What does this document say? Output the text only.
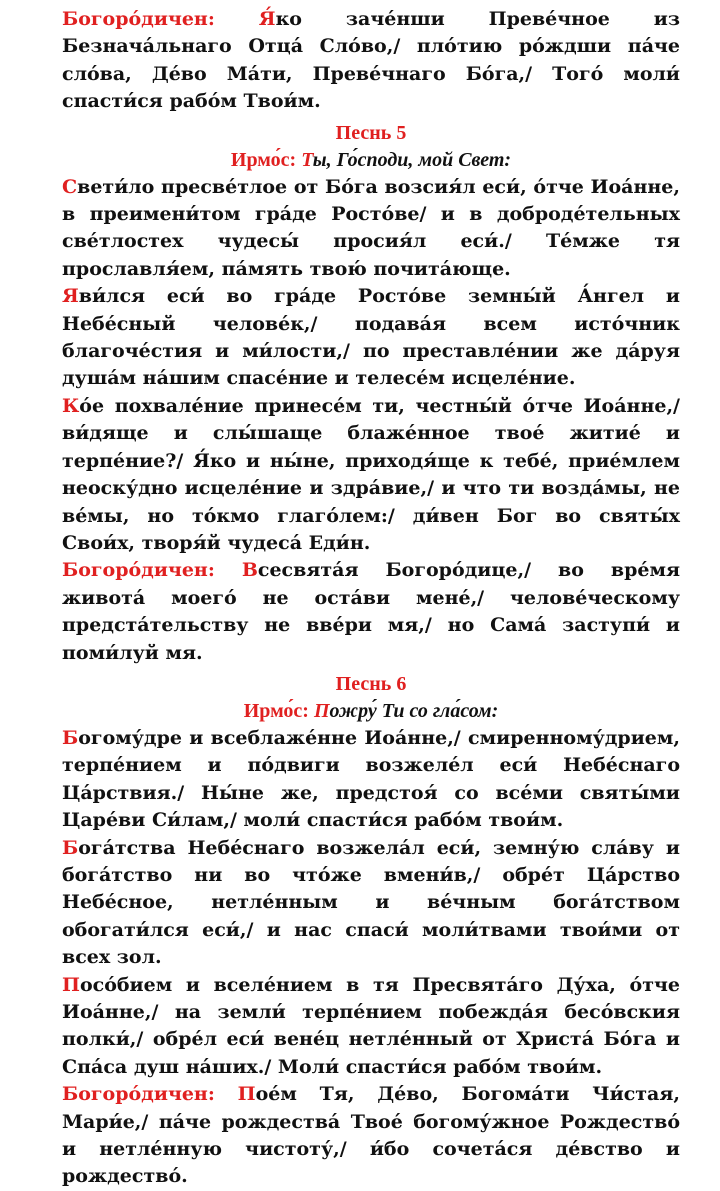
Богоро́дичен: Я́ко заче́нши Преве́чное из Безнача́льнаго Отца́ Сло́во,/ пло́тию ро́ждши па́че сло́ва, Де́во Ма́ти, Преве́чнаго Бо́га,/ Того́ моли́ спасти́ся рабо́м Твои́м.

Песнь 5

Ирмо́с: Ты, Го́споди, мой Свет:

Свети́ло пресве́тлое от Бо́га возсия́л еси́, о́тче Иоа́нне, в преимени́том гра́де Росто́ве/ и в доброде́тельных све́тлостех чудесы́ просия́л еси́./ Те́мже тя прославля́ем, па́мять твою́ почита́юще.

Яви́лся еси́ во гра́де Росто́ве земны́й А́нгел и Небе́сный челове́к,/ подава́я всем исто́чник благоче́стия и ми́лости,/ по преставле́нии же да́руя душа́м на́шим спасе́ние и телесе́м исцеле́ние.

Ко́е похвале́ние принесе́м ти, честны́й о́тче Иоа́нне,/ ви́дяще и слы́шаще блаже́нное твое́ житие́ и терпе́ние?/ Я́ко и ны́не, приходя́ще к тебе́, прие́млем неоску́дно исцеле́ние и здра́вие,/ и что ти возда́мы, не ве́мы, но то́кмо глаго́лем:/ ди́вен Бог во святы́х Свои́х, творя́й чудеса́ Еди́н.

Богоро́дичен: Всесвята́я Богоро́дице,/ во вре́мя живота́ моего́ не оста́ви мене́,/ челове́ческому предста́тельству не вве́ри мя,/ но Сама́ заступи́ и поми́луй мя.

Песнь 6

Ирмо́с: Пожру́ Ти со гла́сом:

Богому́дре и всеблаже́нне Иоа́нне,/ смиренному́дрием, терпе́нием и по́двиги возжеле́л еси́ Небе́снаго Ца́рствия./ Ны́не же, предстоя́ со все́ми святы́ми Царе́ви Си́лам,/ моли́ спасти́ся рабо́м твои́м.

Бога́тства Небе́снаго возжела́л еси́, земну́ю сла́ву и бога́тство ни во что́же вмени́в,/ обре́т Ца́рство Небе́сное, нетле́нным и ве́чным бога́тством обогати́лся еси́,/ и нас спаси́ моли́твами твои́ми от всех зол.

Посо́бием и вселе́нием в тя Пресвята́го Ду́ха, о́тче Иоа́нне,/ на земли́ терпе́нием побежда́я бесо́вския полки́,/ обре́л еси́ вене́ц нетле́нный от Христа́ Бо́га и Спа́са душ на́ших./ Моли́ спасти́ся рабо́м твои́м.

Богоро́дичен: Пое́м Тя, Де́во, Богома́ти Чи́стая, Мари́е,/ па́че рождества́ Твое́ богому́жное Рождество́ и нетле́нную чистоту́,/ и́бо сочета́ся де́вство и рождество́.
